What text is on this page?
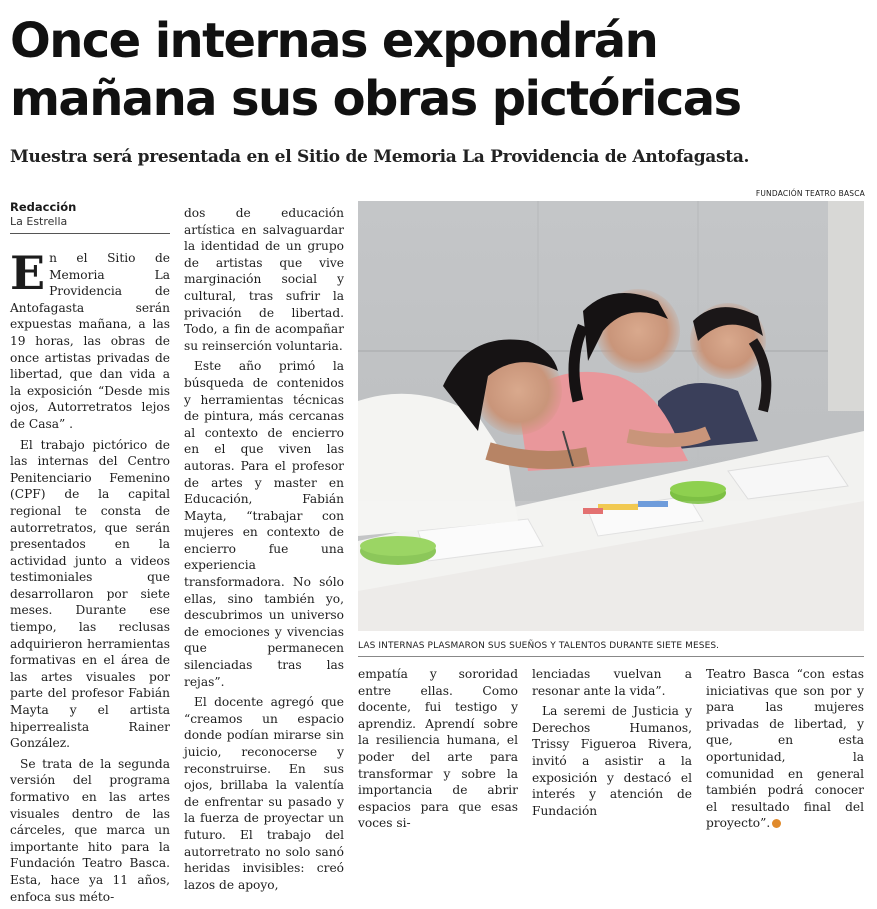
Once internas expondrán
mañana sus obras pictóricas
Muestra será presentada en el Sitio de Memoria La Providencia de Antofagasta.
Redacción
La Estrella

En el Sitio de Memoria La Providencia de Antofagasta serán expuestas mañana, a las 19 horas, las obras de once artistas privadas de libertad, que dan vida a la exposición “Desde mis ojos, Autorretratos lejos de Casa” .

El trabajo pictórico de las internas del Centro Penitenciario Femenino (CPF) de la capital regional te consta de autorretratos, que serán presentados en la actividad junto a videos testimoniales que desarrollaron por siete meses. Durante ese tiempo, las reclusas adquirieron herramientas formativas en el área de las artes visuales por parte del profesor Fabián Mayta y el artista hiperrealista Rainer González.

Se trata de la segunda versión del programa formativo en las artes visuales dentro de las cárceles, que marca un importante hito para la Fundación Teatro Basca. Esta, hace ya 11 años, enfoca sus méto-

dos de educación artística en salvaguardar la identidad de un grupo de artistas que vive marginación social y cultural, tras sufrir la privación de libertad. Todo, a fin de acompañar su reinserción voluntaria.

Este año primó la búsqueda de contenidos y herramientas técnicas de pintura, más cercanas al contexto de encierro en el que viven las autoras. Para el profesor de artes y master en Educación, Fabián Mayta, “trabajar con mujeres en contexto de encierro fue una experiencia transformadora. No sólo ellas, sino también yo, descubrimos un universo de emociones y vivencias que permanecen silenciadas tras las rejas”.

El docente agregó que “creamos un espacio donde podían mirarse sin juicio, reconocerse y reconstruirse. En sus ojos, brillaba la valentía de enfrentar su pasado y la fuerza de proyectar un futuro. El trabajo del autorretrato no solo sanó heridas invisibles: creó lazos de apoyo,

FUNDACIÓN TEATRO BASCA
LAS INTERNAS PLASMARON SUS SUEÑOS Y TALENTOS DURANTE SIETE MESES.

empatía y sororidad entre ellas. Como docente, fui testigo y aprendiz. Aprendí sobre la resiliencia humana, el poder del arte para transformar y sobre la importancia de abrir espacios para que esas voces si-

lenciadas vuelvan a resonar ante la vida”.

La seremi de Justicia y Derechos Humanos, Trissy Figueroa Rivera, invitó a asistir a la exposición y destacó el interés y atención de Fundación

Teatro Basca “con estas iniciativas que son por y para las mujeres privadas de libertad, y que, en esta oportunidad, la comunidad en general también podrá conocer el resultado final del proyecto”.
